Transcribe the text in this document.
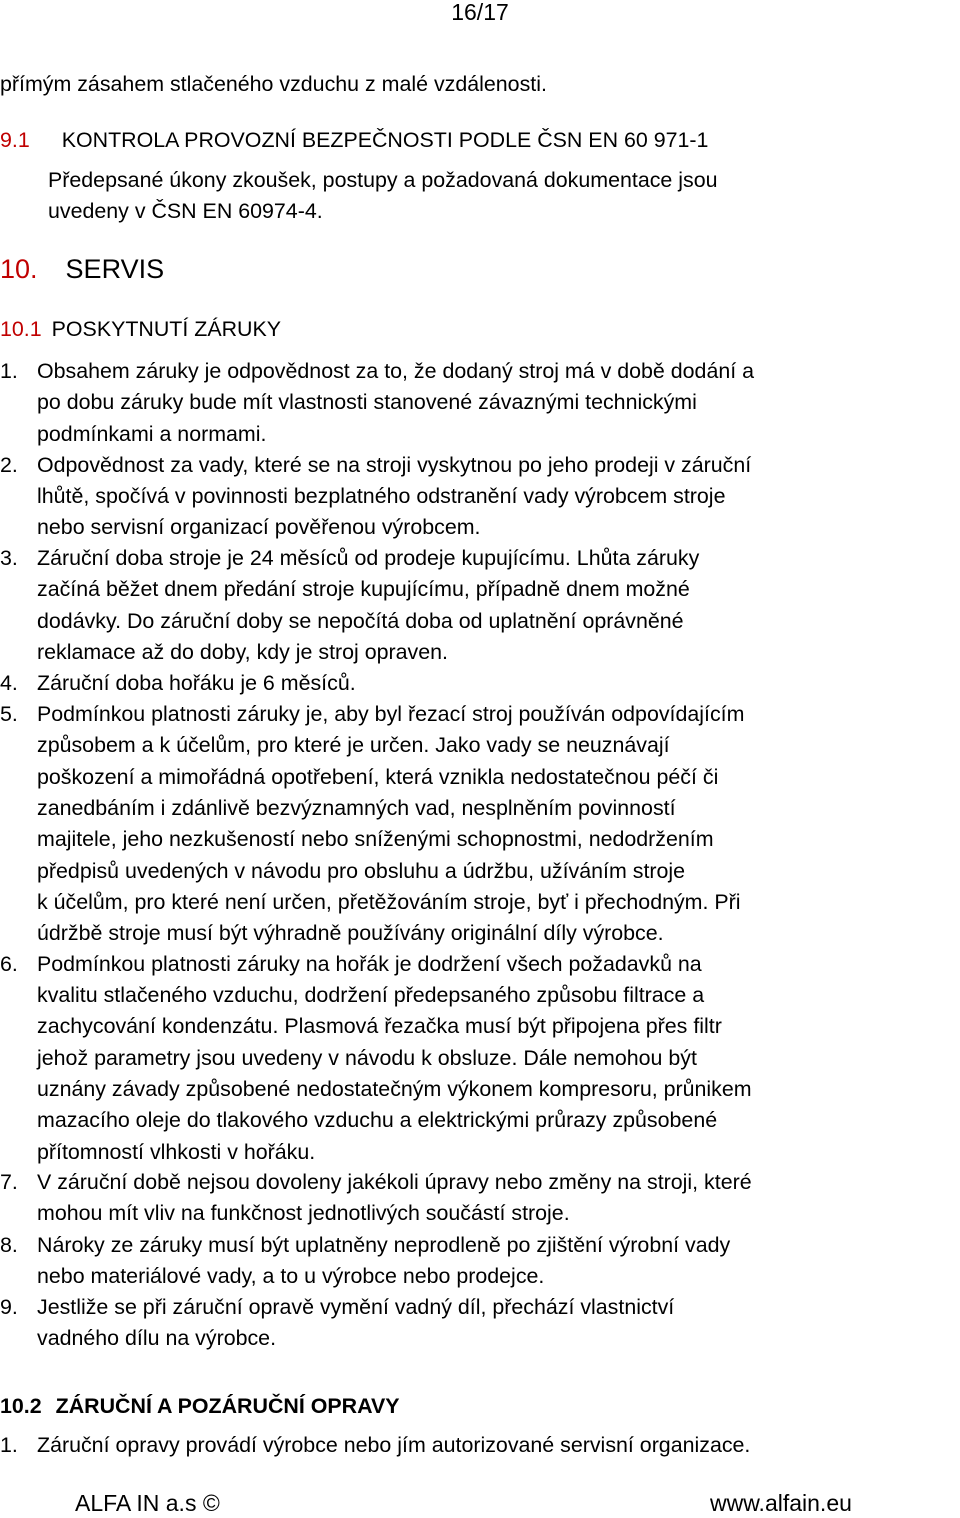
16/17
přímým zásahem stlačeného vzduchu z malé vzdálenosti.
9.1 KONTROLA PROVOZNÍ BEZPEČNOSTI PODLE ČSN EN 60 971-1
Předepsané úkony zkoušek, postupy a požadovaná dokumentace jsou
uvedeny v ČSN EN 60974-4.
10. SERVIS
10.1 POSKYTNUTÍ ZÁRUKY
1. Obsahem záruky je odpovědnost za to, že dodaný stroj má v době dodání a
po dobu záruky bude mít vlastnosti stanovené závaznými technickými
podmínkami a normami.
2. Odpovědnost za vady, které se na stroji vyskytnou po jeho prodeji v záruční
lhůtě, spočívá v povinnosti bezplatného odstranění vady výrobcem stroje
nebo servisní organizací pověřenou výrobcem.
3. Záruční doba stroje je 24 měsíců od prodeje kupujícímu. Lhůta záruky
začíná běžet dnem předání stroje kupujícímu, případně dnem možné
dodávky. Do záruční doby se nepočítá doba od uplatnění oprávněné
reklamace až do doby, kdy je stroj opraven.
4. Záruční doba hořáku je 6 měsíců.
5. Podmínkou platnosti záruky je, aby byl řezací stroj používán odpovídajícím
způsobem a k účelům, pro které je určen. Jako vady se neuznávají
poškození a mimořádná opotřebení, která vznikla nedostatečnou péčí či
zanedbáním i zdánlivě bezvýznamných vad, nesplněním povinností
majitele, jeho nezkušeností nebo sníženými schopnostmi, nedodržením
předpisů uvedených v návodu pro obsluhu a údržbu, užíváním stroje
k účelům, pro které není určen, přetěžováním stroje, byť i přechodným. Při
údržbě stroje musí být výhradně používány originální díly výrobce.
6. Podmínkou platnosti záruky na hořák je dodržení všech požadavků na
kvalitu stlačeného vzduchu, dodržení předepsaného způsobu filtrace a
zachycování kondenzátu. Plasmová řezačka musí být připojena přes filtr
jehož parametry jsou uvedeny v návodu k obsluze. Dále nemohou být
uznány závady způsobené nedostatečným výkonem kompresoru, průnikem
mazacího oleje do tlakového vzduchu a elektrickými průrazy způsobené
přítomností vlhkosti v hořáku.
7. V záruční době nejsou dovoleny jakékoli úpravy nebo změny na stroji, které
mohou mít vliv na funkčnost jednotlivých součástí stroje.
8. Nároky ze záruky musí být uplatněny neprodleně po zjištění výrobní vady
nebo materiálové vady, a to u výrobce nebo prodejce.
9. Jestliže se při záruční opravě vymění vadný díl, přechází vlastnictví
vadného dílu na výrobce.
10.2 ZÁRUČNÍ A POZÁRUČNÍ OPRAVY
1. Záruční opravy provádí výrobce nebo jím autorizované servisní organizace.
ALFA IN a.s ©	www.alfain.eu
